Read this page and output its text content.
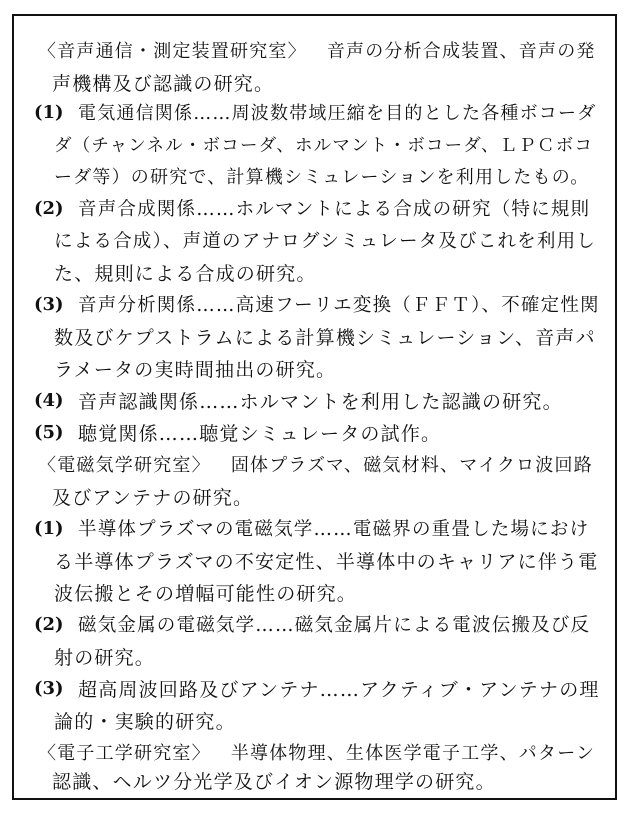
〈音声通信・測定装置研究室〉 音声の分析合成装置、音声の発
声機構及び認識の研究。
(1) 電気通信関係……周波数帯域圧縮を目的とした各種ボコーダ
ダ（チャンネル・ボコーダ、ホルマント・ボコーダ、ＬＰＣボコ
ーダ等）の研究で、計算機シミュレーションを利用したもの。
(2) 音声合成関係……ホルマントによる合成の研究（特に規則
による合成）、声道のアナログシミュレータ及びこれを利用し
た、規則による合成の研究。
(3) 音声分析関係……高速フーリエ変換（ＦＦＴ）、不確定性関
数及びケプストラムによる計算機シミュレーション、音声パ
ラメータの実時間抽出の研究。
(4) 音声認識関係……ホルマントを利用した認識の研究。
(5) 聴覚関係……聴覚シミュレータの試作。
〈電磁気学研究室〉 固体プラズマ、磁気材料、マイクロ波回路
及びアンテナの研究。
(1) 半導体プラズマの電磁気学……電磁界の重畳した場におけ
る半導体プラズマの不安定性、半導体中のキャリアに伴う電
波伝搬とその増幅可能性の研究。
(2) 磁気金属の電磁気学……磁気金属片による電波伝搬及び反
射の研究。
(3) 超高周波回路及びアンテナ……アクティブ・アンテナの理
論的・実験的研究。
〈電子工学研究室〉 半導体物理、生体医学電子工学、パターン
認識、ヘルツ分光学及びイオン源物理学の研究。
